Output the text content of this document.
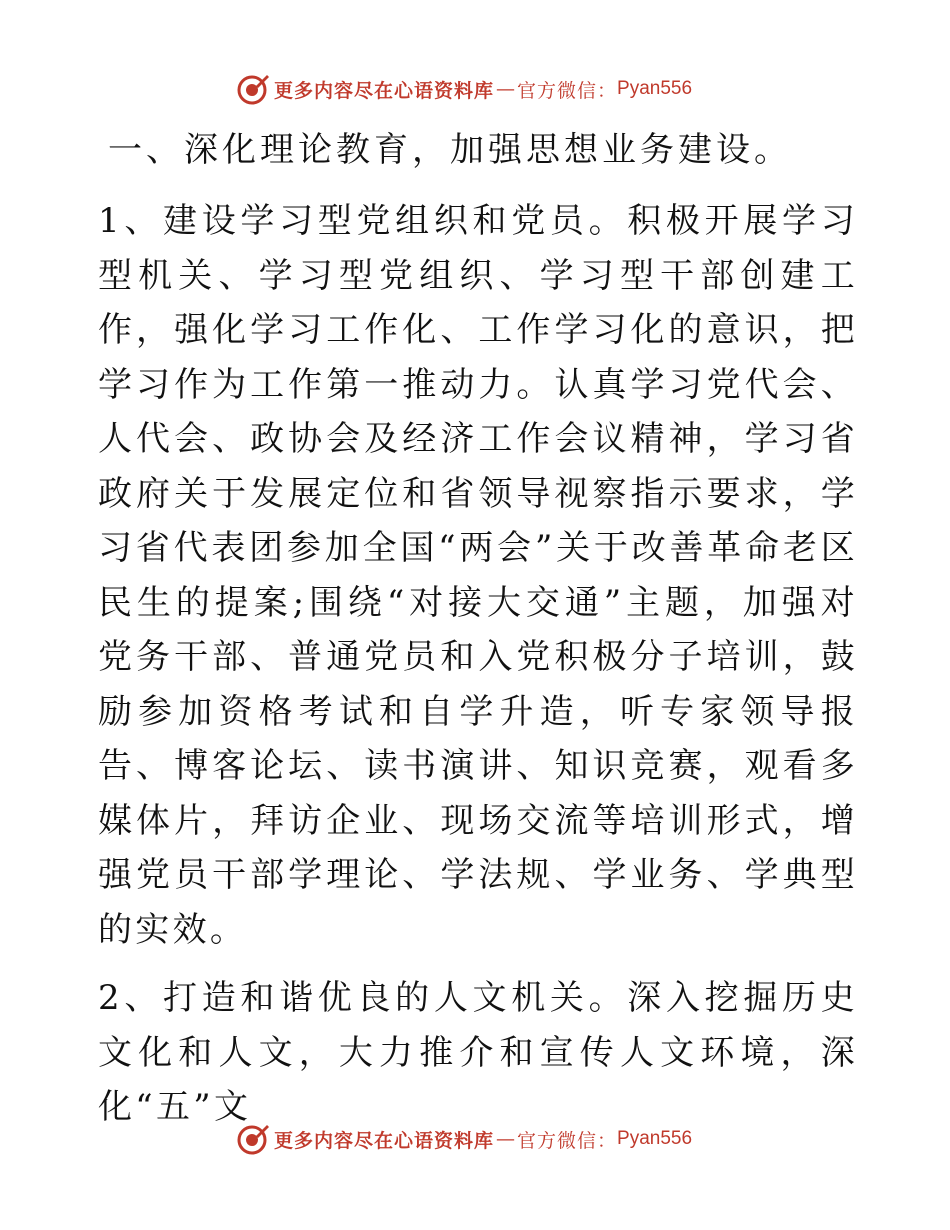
更多内容尽在心语资料库 — 官方微信： Pyan556

一、深化理论教育，加强思想业务建设。

1、建设学习型党组织和党员。积极开展学习型机关、学习型党组织、学习型干部创建工作，强化学习工作化、工作学习化的意识，把学习作为工作第一推动力。认真学习党代会、人代会、政协会及经济工作会议精神，学习省政府关于发展定位和省领导视察指示要求，学习省代表团参加全国“两会”关于改善革命老区民生的提案;围绕“对接大交通”主题，加强对党务干部、普通党员和入党积极分子培训，鼓励参加资格考试和自学升造，听专家领导报告、博客论坛、读书演讲、知识竞赛，观看多媒体片，拜访企业、现场交流等培训形式，增强党员干部学理论、学法规、学业务、学典型的实效。

2、打造和谐优良的人文机关。深入挖掘历史文化和人文，大力推介和宣传人文环境，深化“五”文

更多内容尽在心语资料库 — 官方微信： Pyan556
